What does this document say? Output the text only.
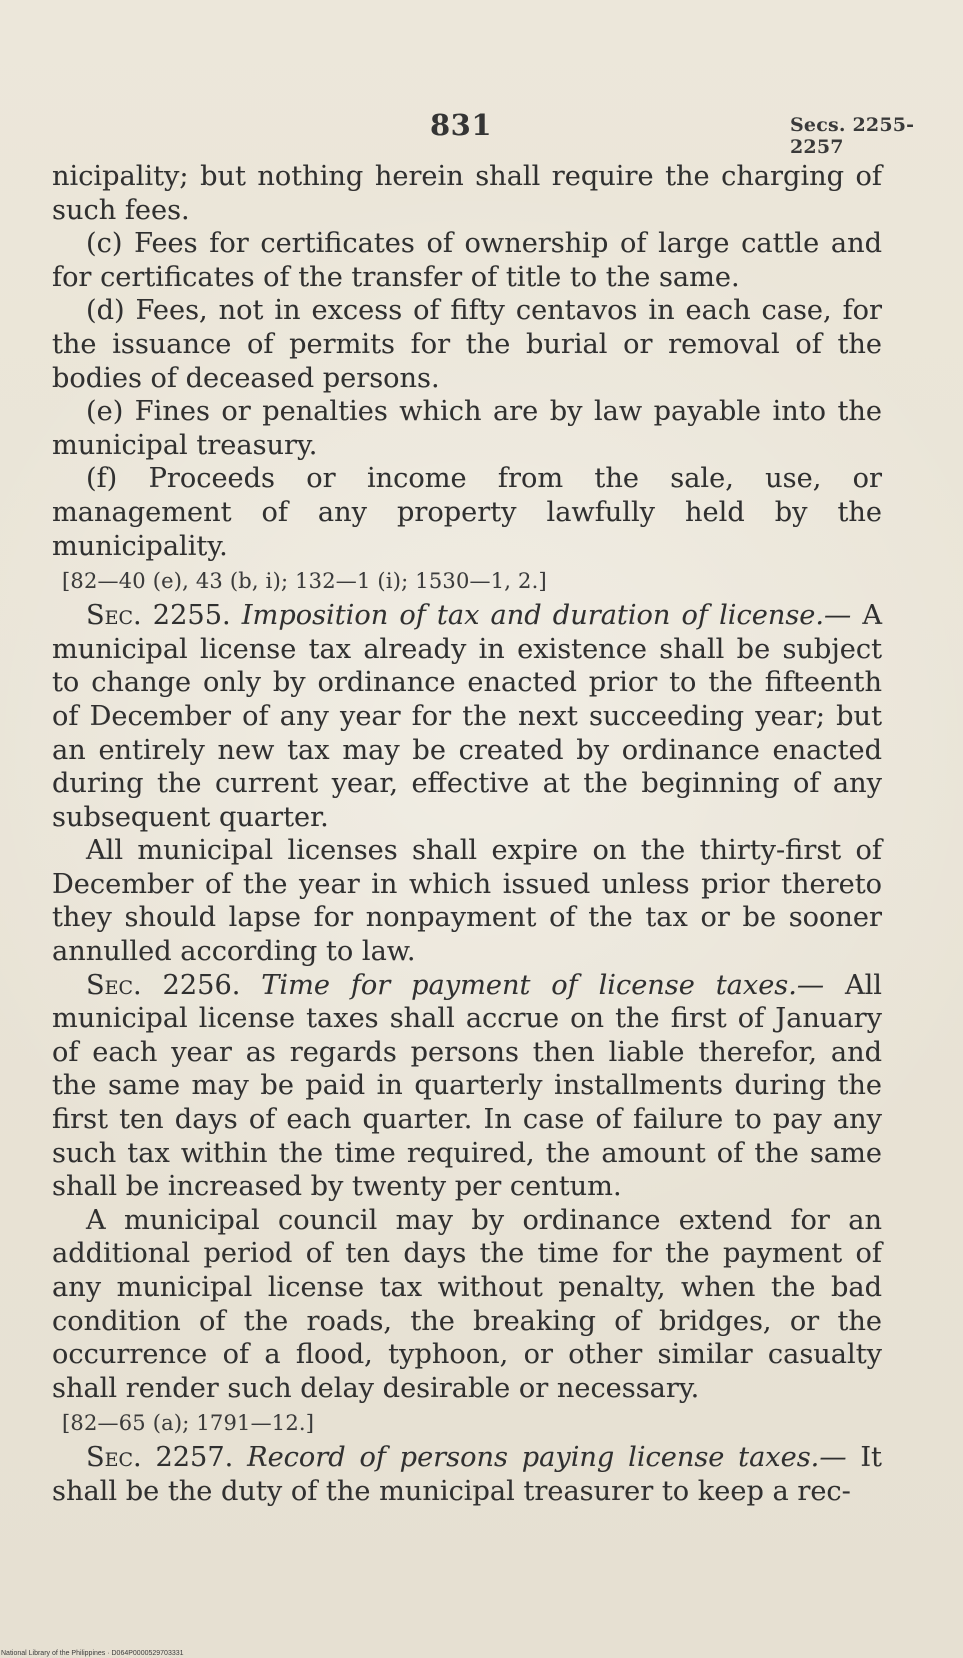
831	Secs. 2255-2257

nicipality; but nothing herein shall require the charging of such fees.

(c) Fees for certificates of ownership of large cattle and for certificates of the transfer of title to the same.

(d) Fees, not in excess of fifty centavos in each case, for the issuance of permits for the burial or removal of the bodies of deceased persons.

(e) Fines or penalties which are by law payable into the municipal treasury.

(f) Proceeds or income from the sale, use, or management of any property lawfully held by the municipality.

[82—40 (e), 43 (b, i); 132—1 (i); 1530—1, 2.]

Sec. 2255. Imposition of tax and duration of license.— A municipal license tax already in existence shall be subject to change only by ordinance enacted prior to the fifteenth of December of any year for the next succeeding year; but an entirely new tax may be created by ordinance enacted during the current year, effective at the beginning of any subsequent quarter.

All municipal licenses shall expire on the thirty-first of December of the year in which issued unless prior thereto they should lapse for nonpayment of the tax or be sooner annulled according to law.

Sec. 2256. Time for payment of license taxes.— All municipal license taxes shall accrue on the first of January of each year as regards persons then liable therefor, and the same may be paid in quarterly installments during the first ten days of each quarter. In case of failure to pay any such tax within the time required, the amount of the same shall be increased by twenty per centum.

A municipal council may by ordinance extend for an additional period of ten days the time for the payment of any municipal license tax without penalty, when the bad condition of the roads, the breaking of bridges, or the occurrence of a flood, typhoon, or other similar casualty shall render such delay desirable or necessary.

[82—65 (a); 1791—12.]

Sec. 2257. Record of persons paying license taxes.— It shall be the duty of the municipal treasurer to keep a rec-

National Library of the Philippines · D064P0000529703331
